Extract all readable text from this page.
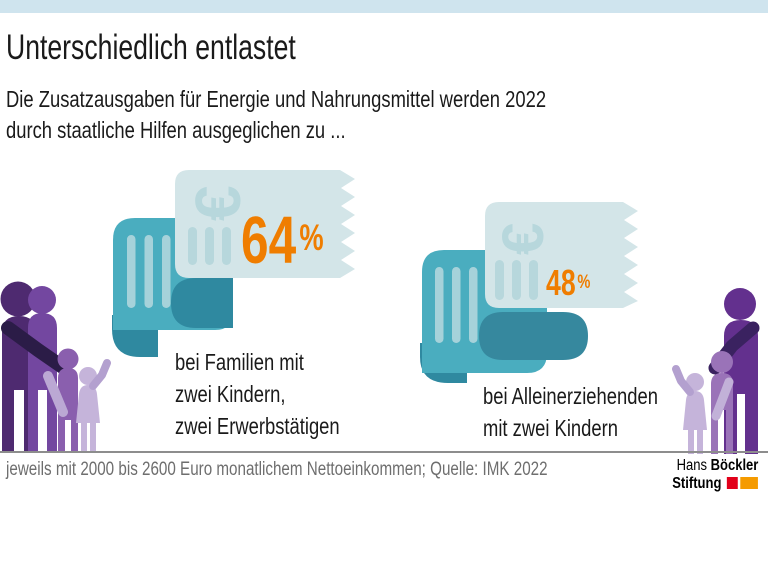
Unterschiedlich entlastet
Die Zusatzausgaben für Energie und Nahrungsmittel werden 2022
durch staatliche Hilfen ausgeglichen zu ...
€
€
64%
48%
bei Familien mit
zwei Kindern,
zwei Erwerbstätigen
bei Alleinerziehenden
mit zwei Kindern
jeweils mit 2000 bis 2600 Euro monatlichem Nettoeinkommen; Quelle: IMK 2022	Hans Böckler
Stiftung
